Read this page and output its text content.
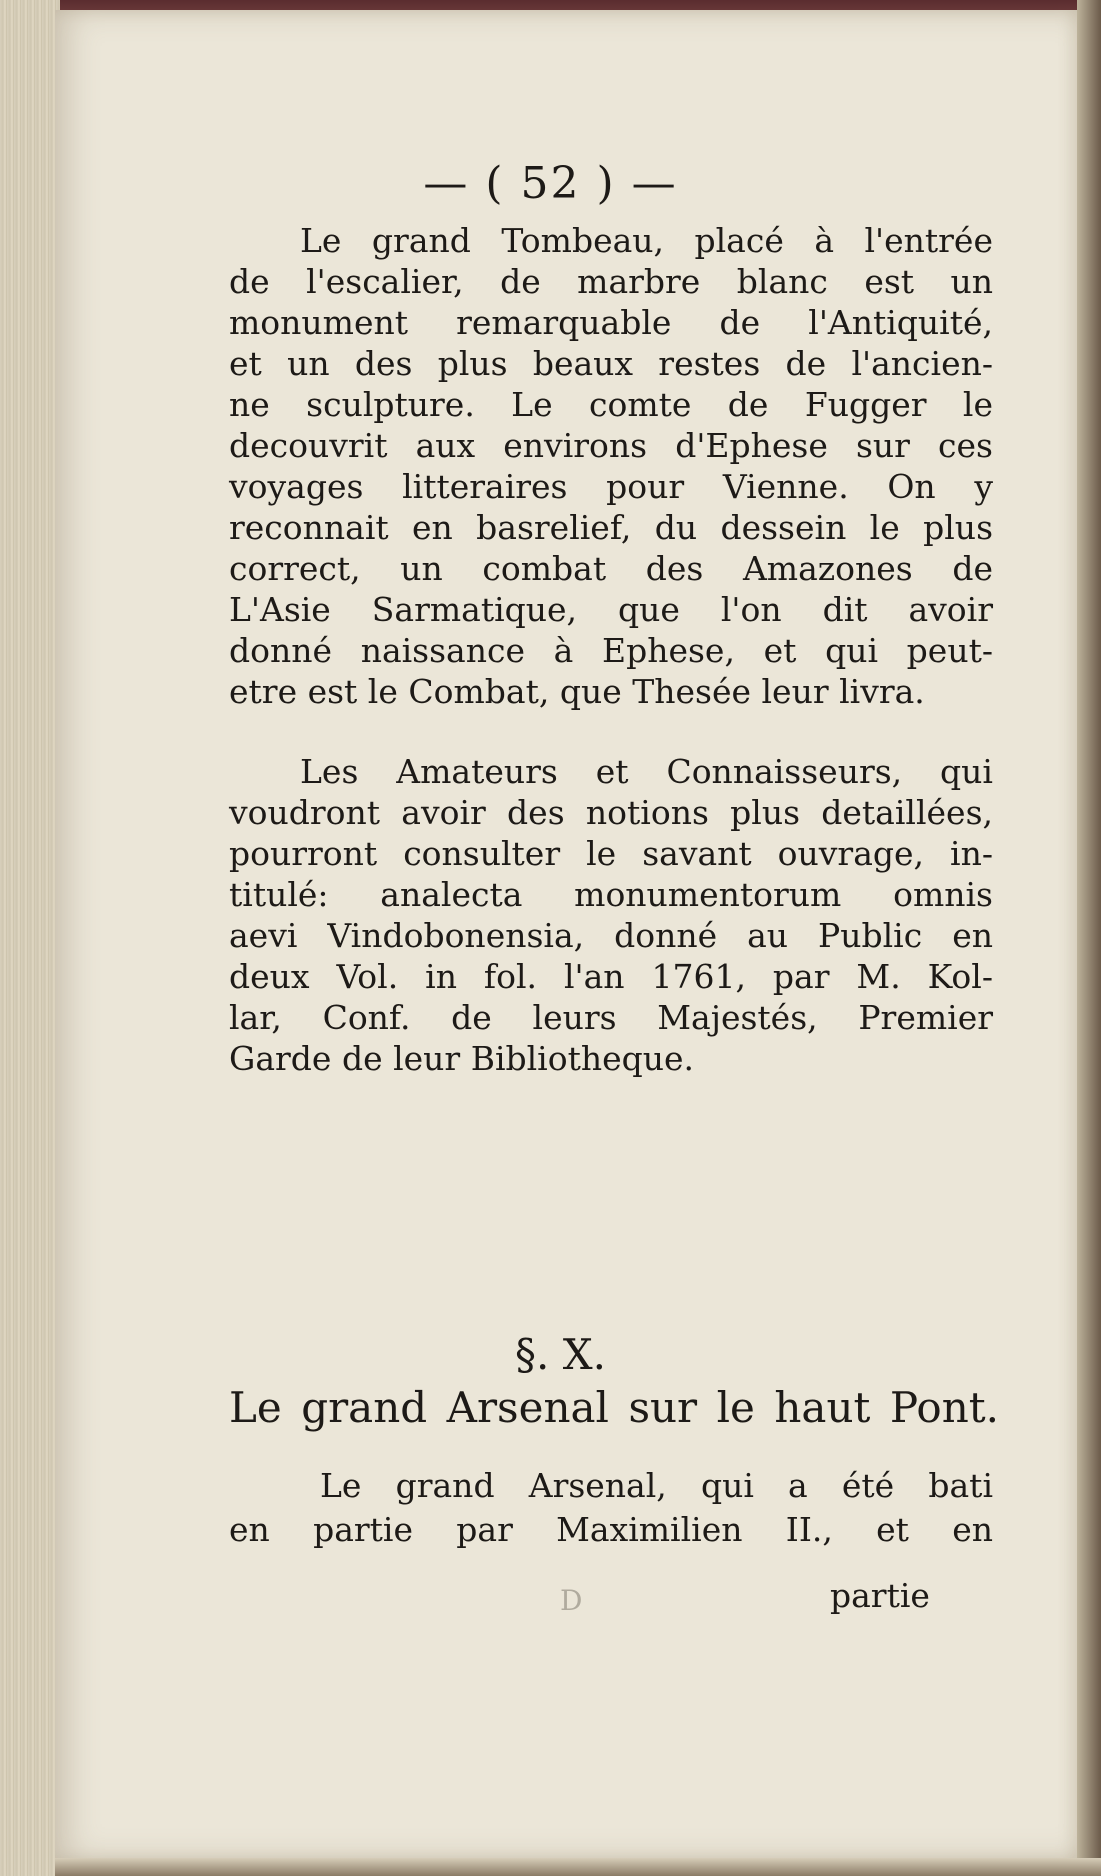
— ( 52 ) —
Le grand Tombeau, placé à l'entrée
de l'escalier, de marbre blanc est un
monument remarquable de l'Antiquité,
et un des plus beaux restes de l'ancien-
ne sculpture. Le comte de Fugger le
decouvrit aux environs d'Ephese sur ces
voyages litteraires pour Vienne. On y
reconnait en basrelief, du dessein le plus
correct, un combat des Amazones de
L'Asie Sarmatique, que l'on dit avoir
donné naissance à Ephese, et qui peut-
etre est le Combat, que Thesée leur livra.
Les Amateurs et Connaisseurs, qui
voudront avoir des notions plus detaillées,
pourront consulter le savant ouvrage, in-
titulé: analecta monumentorum omnis
aevi Vindobonensia, donné au Public en
deux Vol. in fol. l'an 1761, par M. Kol-
lar, Conf. de leurs Majestés, Premier
Garde de leur Bibliotheque.
§. X.
Le grand Arsenal sur le haut Pont.
Le grand Arsenal, qui a été bati
en partie par Maximilien II., et en
D	partie
